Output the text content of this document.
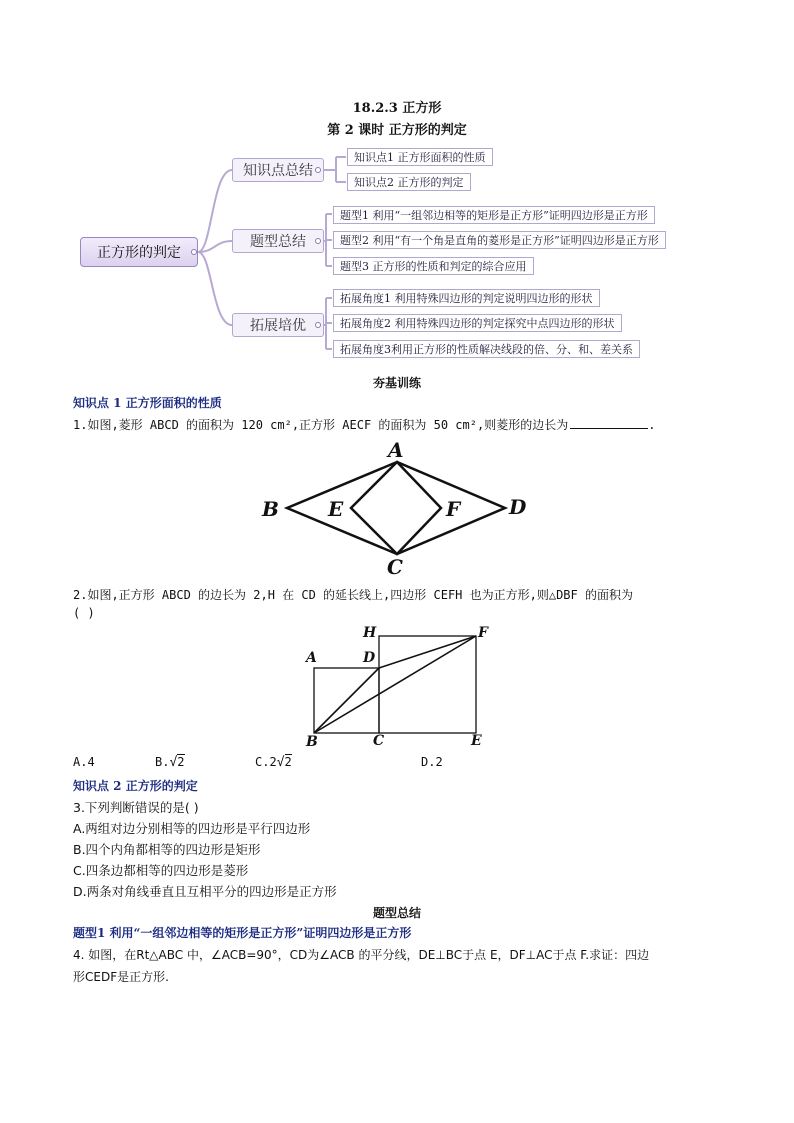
18.2.3 正方形
第 2 课时 正方形的判定
正方形的判定
知识点总结
题型总结
拓展培优
知识点1 正方形面积的性质
知识点2 正方形的判定
题型1 利用“一组邻边相等的矩形是正方形”证明四边形是正方形
题型2 利用“有一个角是直角的菱形是正方形”证明四边形是正方形
题型3 正方形的性质和判定的综合应用
拓展角度1 利用特殊四边形的判定说明四边形的形状
拓展角度2 利用特殊四边形的判定探究中点四边形的形状
拓展角度3利用正方形的性质解决线段的倍、分、和、差关系
夯基训练
知识点 1 正方形面积的性质
1.如图,菱形 ABCD 的面积为 120 cm²,正方形 AECF 的面积为 50 cm²,则菱形的边长为	.
A
B
C
D
E	F
2.如图,正方形 ABCD 的边长为 2,H 在 CD 的延长线上,四边形 CEFH 也为正方形,则△DBF 的面积为
( )
A
B	C
D
E
F
H
A.4	B.√2	C.2√2	D.2
知识点 2 正方形的判定
3.下列判断错误的是( )
A.两组对边分别相等的四边形是平行四边形
B.四个内角都相等的四边形是矩形
C.四条边都相等的四边形是菱形
D.两条对角线垂直且互相平分的四边形是正方形
题型总结
题型1 利用“一组邻边相等的矩形是正方形”证明四边形是正方形
4. 如图，在Rt△ABC 中，∠ACB=90°，CD为∠ACB 的平分线，DE⊥BC于点 E，DF⊥AC于点 F.求证：四边
形CEDF是正方形.
